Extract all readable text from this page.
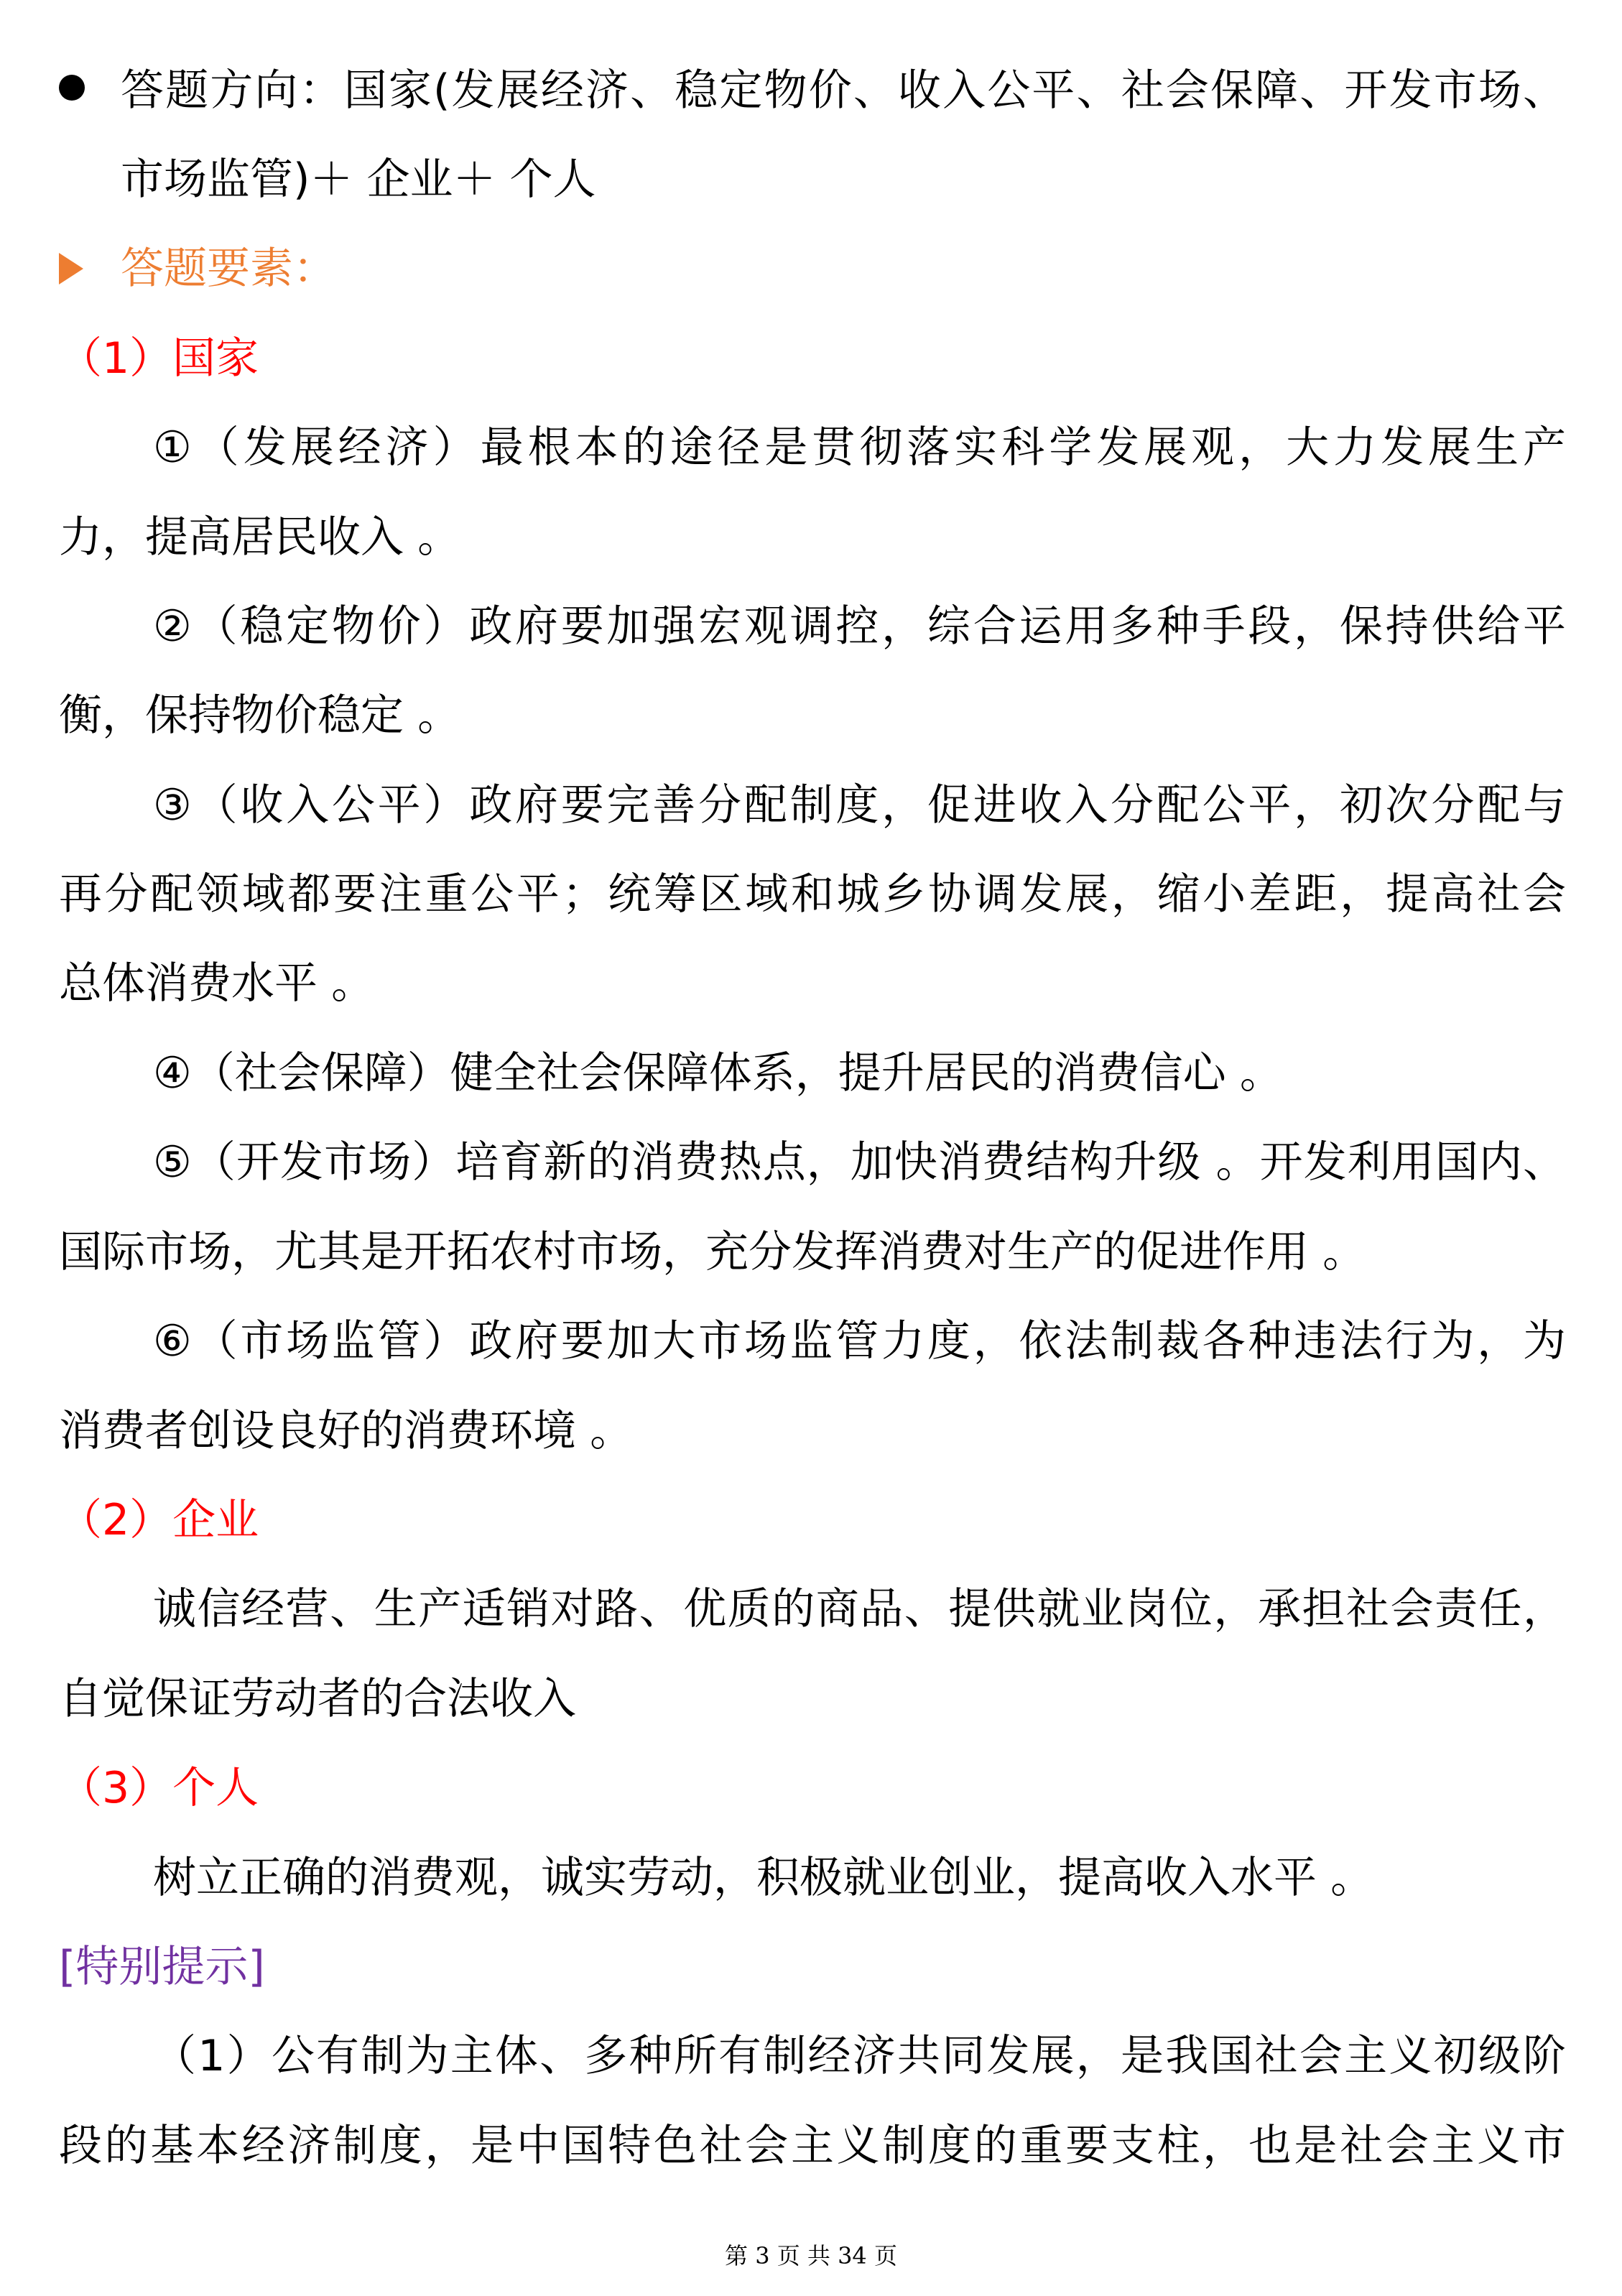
答题方向：国家(发展经济、稳定物价、收入公平、社会保障、开发市场、
市场监管)＋ 企业＋ 个人
答题要素：
（1）国家
①（发展经济）最根本的途径是贯彻落实科学发展观，大力发展生产
力，提高居民收入 。
②（稳定物价）政府要加强宏观调控，综合运用多种手段，保持供给平
衡，保持物价稳定 。
③（收入公平）政府要完善分配制度，促进收入分配公平，初次分配与
再分配领域都要注重公平；统筹区域和城乡协调发展，缩小差距，提高社会
总体消费水平 。
④（社会保障）健全社会保障体系，提升居民的消费信心 。
⑤（开发市场）培育新的消费热点，加快消费结构升级 。开发利用国内、
国际市场，尤其是开拓农村市场，充分发挥消费对生产的促进作用 。
⑥（市场监管）政府要加大市场监管力度，依法制裁各种违法行为，为
消费者创设良好的消费环境 。
（2）企业
诚信经营、生产适销对路、优质的商品、提供就业岗位，承担社会责任，
自觉保证劳动者的合法收入
（3）个人
树立正确的消费观，诚实劳动，积极就业创业，提高收入水平 。
[特别提示]
（1）公有制为主体、多种所有制经济共同发展，是我国社会主义初级阶
段的基本经济制度，是中国特色社会主义制度的重要支柱，也是社会主义市
第 3 页 共 34 页
